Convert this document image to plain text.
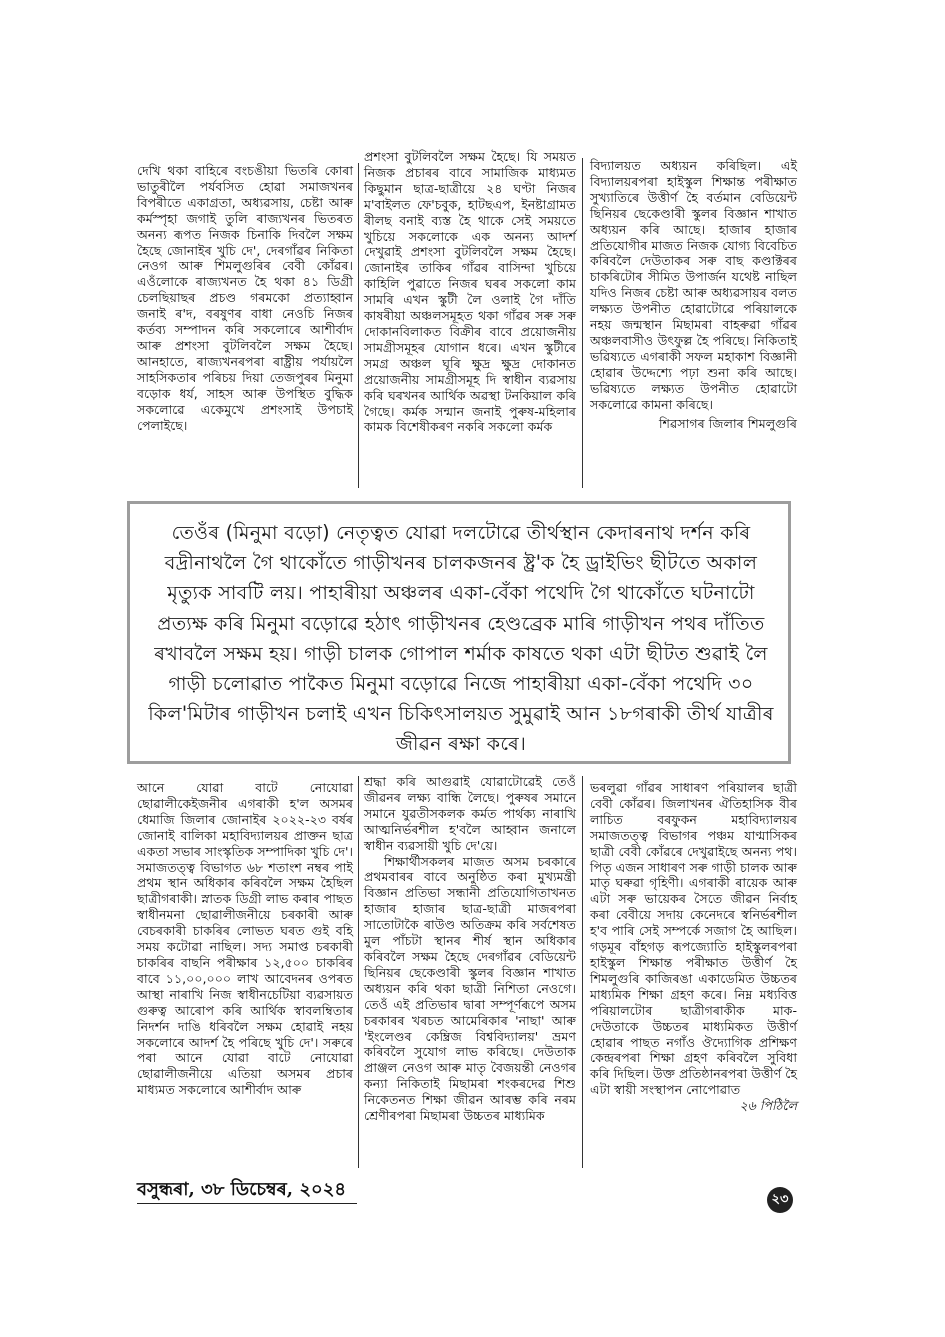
দেখি থকা বাহিৰে বংচঙীয়া ভিতৰি কোৰা ভাতুৰীলৈ পৰ্যবসিত হোৱা সমাজখনৰ বিপৰীতে একাগ্ৰতা, অধ্যৱসায়, চেষ্টা আৰু কৰ্মস্পৃহা জগাই তুলি ৰাজ্যখনৰ ভিতৰত অনন্য ৰূপত নিজক চিনাকি দিবলৈ সক্ষম হৈছে জোনাইৰ খুচি দে', দেৰগাঁৱৰ নিকিতা নেওগ আৰু শিমলুগুৰিৰ বেবী কোঁৱৰ। এওঁলোকে ৰাজ্যখনত হৈ থকা ৪১ ডিগ্ৰী চেলছিয়াছৰ প্ৰচণ্ড গৰমকো প্ৰত্যাহ্বান জনাই ৰ'দ, বৰষুণৰ বাধা নেওচি নিজৰ কৰ্তব্য সম্পাদন কৰি সকলোৰে আশীৰ্বাদ আৰু প্ৰশংসা বুটলিবলৈ সক্ষম হৈছে। আনহাতে, ৰাজ্যখনৰপৰা ৰাষ্ট্ৰীয় পৰ্যায়লৈ সাহসিকতাৰ পৰিচয় দিয়া তেজপুৰৰ মিনুমা বড়োক ধৰ্য, সাহস আৰু উপস্থিত বুদ্ধিক সকলোৱে একেমুখে প্ৰশংসাই উপচাই পেলাইছে।

প্ৰশংসা বুটলিবলৈ সক্ষম হৈছে। যি সময়ত নিজক প্ৰচাৰৰ বাবে সামাজিক মাধ্যমত কিছুমান ছাত্ৰ-ছাত্ৰীয়ে ২৪ ঘণ্টা নিজৰ ম'বাইলত ফে'চবুক, হাটছএপ, ইনষ্টাগ্ৰামত ৰীলছ বনাই ব্যস্ত হৈ থাকে সেই সময়তে খুচিয়ে সকলোকে এক অনন্য আদৰ্শ দেখুৱাই প্ৰশংসা বুটলিবলৈ সক্ষম হৈছে। জোনাইৰ তাকিৰ গাঁৱৰ বাসিন্দা খুচিয়ে কাহিলি পুৱাতে নিজৰ ঘৰৰ সকলো কাম সামৰি এখন স্কুটী লৈ ওলাই গৈ দাঁতি কাষৰীয়া অঞ্চলসমূহত থকা গাঁৱৰ সৰু সৰু দোকানবিলাকত বিক্ৰীৰ বাবে প্ৰয়োজনীয় সামগ্ৰীসমূহৰ যোগান ধৰে। এখন স্কুটীৰে সমগ্ৰ অঞ্চল ঘূৰি ক্ষুদ্ৰ ক্ষুদ্ৰ দোকানত প্ৰয়োজনীয় সামগ্ৰীসমূহ দি স্বাধীন ব্যৱসায় কৰি ঘৰখনৰ আৰ্থিক অৱস্থা টনকিয়াল কৰি গৈছে। কৰ্মক সন্মান জনাই পুৰুষ-মহিলাৰ কামক বিশেষীকৰণ নকৰি সকলো কৰ্মক

বিদ্যালয়ত অধ্যয়ন কৰিছিল। এই বিদ্যালয়ৰপৰা হাইস্কুল শিক্ষান্ত পৰীক্ষাত সুখ্যাতিৰে উত্তীৰ্ণ হৈ বৰ্তমান বেডিয়েন্ট ছিনিয়ৰ ছেকেণ্ডাৰী স্কুলৰ বিজ্ঞান শাখাত অধ্যয়ন কৰি আছে। হাজাৰ হাজাৰ প্ৰতিযোগীৰ মাজত নিজক যোগ্য বিবেচিত কৰিবলৈ দেউতাকৰ সৰু বাছ কণ্ডাক্টৰৰ চাকৰিটোৰ সীমিত উপাৰ্জন যথেষ্ট নাছিল যদিও নিজৰ চেষ্টা আৰু অধ্যৱসায়ৰ বলত লক্ষ্যত উপনীত হোৱাটোৱে পৰিয়ালকে নহয় জন্মস্থান মিছামৰা বাহৰুৱা গাঁৱৰ অঞ্চলবাসীও উৎফুল্ল হৈ পৰিছে। নিকিতাই ভৱিষ্যতে এগৰাকী সফল মহাকাশ বিজ্ঞানী হোৱাৰ উদ্দেশ্যে পঢ়া শুনা কৰি আছে। ভৱিষ্যতে লক্ষ্যত উপনীত হোৱাটো সকলোৱে কামনা কৰিছে।

শিৱসাগৰ জিলাৰ শিমলুগুৰি

তেওঁৰ (মিনুমা বড়ো) নেতৃত্বত যোৱা দলটোৱে তীৰ্থস্থান কেদাৰনাথ দৰ্শন কৰি বদ্ৰীনাথলৈ গৈ থাকোঁতে গাড়ীখনৰ চালকজনৰ ষ্ট্ৰ'ক হৈ ড্ৰাইভিং ছীটতে অকাল মৃত্যুক সাবটি লয়। পাহাৰীয়া অঞ্চলৰ একা-বেঁকা পথেদি গৈ থাকোঁতে ঘটনাটো প্ৰত্যক্ষ কৰি মিনুমা বড়োৱে হঠাৎ গাড়ীখনৰ হেণ্ডব্ৰেক মাৰি গাড়ীখন পথৰ দাঁতিত ৰখাবলৈ সক্ষম হয়। গাড়ী চালক গোপাল শৰ্মাক কাষতে থকা এটা ছীটত শুৱাই লৈ গাড়ী চলোৱাত পাকৈত মিনুমা বড়োৱে নিজে পাহাৰীয়া একা-বেঁকা পথেদি ৩০ কিল'মিটাৰ গাড়ীখন চলাই এখন চিকিৎসালয়ত সুমুৱাই আন ১৮গৰাকী তীৰ্থ যাত্ৰীৰ জীৱন ৰক্ষা কৰে।

আনে যোৱা বাটে নোযোৱা ছোৱালীকেইজনীৰ এগৰাকী হ'ল অসমৰ ধেমাজি জিলাৰ জোনাইৰ ২০২২-২৩ বৰ্ষৰ জোনাই বালিকা মহাবিদ্যালয়ৰ প্ৰাক্তন ছাত্ৰ একতা সভাৰ সাংস্কৃতিক সম্পাদিকা খুচি দে'। সমাজতত্ত্ব বিভাগত ৬৮ শতাংশ নম্বৰ পাই প্ৰথম স্থান অধিকাৰ কৰিবলৈ সক্ষম হৈছিল ছাত্ৰীগৰাকী। স্নাতক ডিগ্ৰী লাভ কৰাৰ পাছত স্বাধীনমনা ছোৱালীজনীয়ে চৰকাৰী আৰু বেচৰকাৰী চাকৰিৰ লোভত ঘৰত গুই বহি সময় কটোৱা নাছিল। সদ্য সমাপ্ত চৰকাৰী চাকৰিৰ বাছনি পৰীক্ষাৰ ১২,৫০০ চাকৰিৰ বাবে ১১,০০,০০০ লাখ আবেদনৰ ওপৰত আস্থা নাৰাখি নিজ স্বাধীনচেটিয়া ব্যৱসায়ত গুৰুত্ব আৰোপ কৰি আৰ্থিক স্বাবলম্বিতাৰ নিদৰ্শন দাঙি ধৰিবলৈ সক্ষম হোৱাই নহয় সকলোৰে আদৰ্শ হৈ পৰিছে খুচি দে'। সৰুৰে পৰা আনে যোৱা বাটে নোযোৱা ছোৱালীজনীয়ে এতিয়া অসমৰ প্ৰচাৰ মাধ্যমত সকলোৰে আশীৰ্বাদ আৰু

শ্ৰদ্ধা কৰি আগুৱাই যোৱাটোৱেই তেওঁ জীৱনৰ লক্ষ্য বান্ধি লৈছে। পুৰুষৰ সমানে সমানে যুৱতীসকলক কৰ্মত পাৰ্থক্য নাৰাখি আত্মনিৰ্ভৰশীল হ'বলৈ আহ্বান জনালে স্বাধীন ব্যৱসায়ী খুচি দে'য়ে।

শিক্ষাৰ্থীসকলৰ মাজত অসম চৰকাৰে প্ৰথমবাৰৰ বাবে অনুষ্ঠিত কৰা মুখ্যমন্ত্ৰী বিজ্ঞান প্ৰতিভা সন্ধানী প্ৰতিযোগিতাখনত হাজাৰ হাজাৰ ছাত্ৰ-ছাত্ৰী মাজৰপৰা সাতোটাকৈ ৰাউণ্ড অতিক্ৰম কৰি সৰ্বশেষত মুল পাঁচটা স্থানৰ শীৰ্ষ স্থান অধিকাৰ কৰিবলৈ সক্ষম হৈছে দেৰগাঁৱৰ বেডিয়েন্ট ছিনিয়ৰ ছেকেণ্ডাৰী স্কুলৰ বিজ্ঞান শাখাত অধ্যয়ন কৰি থকা ছাত্ৰী নিশিতা নেওগে। তেওঁ এই প্ৰতিভাৰ দ্বাৰা সম্পূৰ্ণৰূপে অসম চৰকাৰৰ খৰচত আমেৰিকাৰ 'নাছা' আৰু 'ইংলেণ্ডৰ কেম্ব্ৰিজ বিশ্ববিদ্যালয়' ভ্ৰমণ কৰিবলৈ সুযোগ লাভ কৰিছে। দেউতাক প্ৰাঞ্জল নেওগ আৰু মাতৃ বৈজয়ন্তী নেওগৰ কন্যা নিকিতাই মিছামৰা শংকৰদেৱ শিশু নিকেতনত শিক্ষা জীৱন আৰম্ভ কৰি নৰম শ্ৰেণীৰপৰা মিছামৰা উচ্চতৰ মাধ্যমিক

ভৰলুৱা গাঁৱৰ সাধাৰণ পৰিয়ালৰ ছাত্ৰী বেবী কোঁৱৰ। জিলাখনৰ ঐতিহাসিক বীৰ লাচিত বৰফুকন মহাবিদ্যালয়ৰ সমাজতত্ত্ব বিভাগৰ পঞ্চম যাণ্মাসিকৰ ছাত্ৰী বেবী কোঁৱৰে দেখুৱাইছে অনন্য পথ। পিতৃ এজন সাধাৰণ সৰু গাড়ী চালক আৰু মাতৃ ঘৰুৱা গৃহিণী। এগৰাকী ৰায়েক আৰু এটা সৰু ভায়েকৰ সৈতে জীৱন নিৰ্বাহ কৰা বেবীয়ে সদায় কেনেদৰে স্বনিৰ্ভৰশীল হ'ব পাৰি সেই সম্পৰ্কে সজাগ হৈ আছিল। গড়মূৰ বাঁহগড় ৰূপজ্যোতি হাইস্কুলৰপৰা হাইস্কুল শিক্ষান্ত পৰীক্ষাত উত্তীৰ্ণ হৈ শিমলুগুৰি কাজিৰঙা একাডেমিত উচ্চতৰ মাধ্যমিক শিক্ষা গ্ৰহণ কৰে। নিম্ন মধ্যবিত্ত পৰিয়ালটোৰ ছাত্ৰীগৰাকীক মাক- দেউতাকে উচ্চতৰ মাধ্যমিকত উত্তীৰ্ণ হোৱাৰ পাছত নগাঁও ঔদ্যোগিক প্ৰশিক্ষণ কেন্দ্ৰৰপৰা শিক্ষা গ্ৰহণ কৰিবলৈ সুবিধা কৰি দিছিল। উক্ত প্ৰতিষ্ঠানৰপৰা উত্তীৰ্ণ হৈ এটা স্বায়ী সংস্থাপন নোপোৱাত

২৬ পিঠিলৈ

বসুন্ধৰা, ৩৮ ডিচেম্বৰ, ২০২৪	২৩
